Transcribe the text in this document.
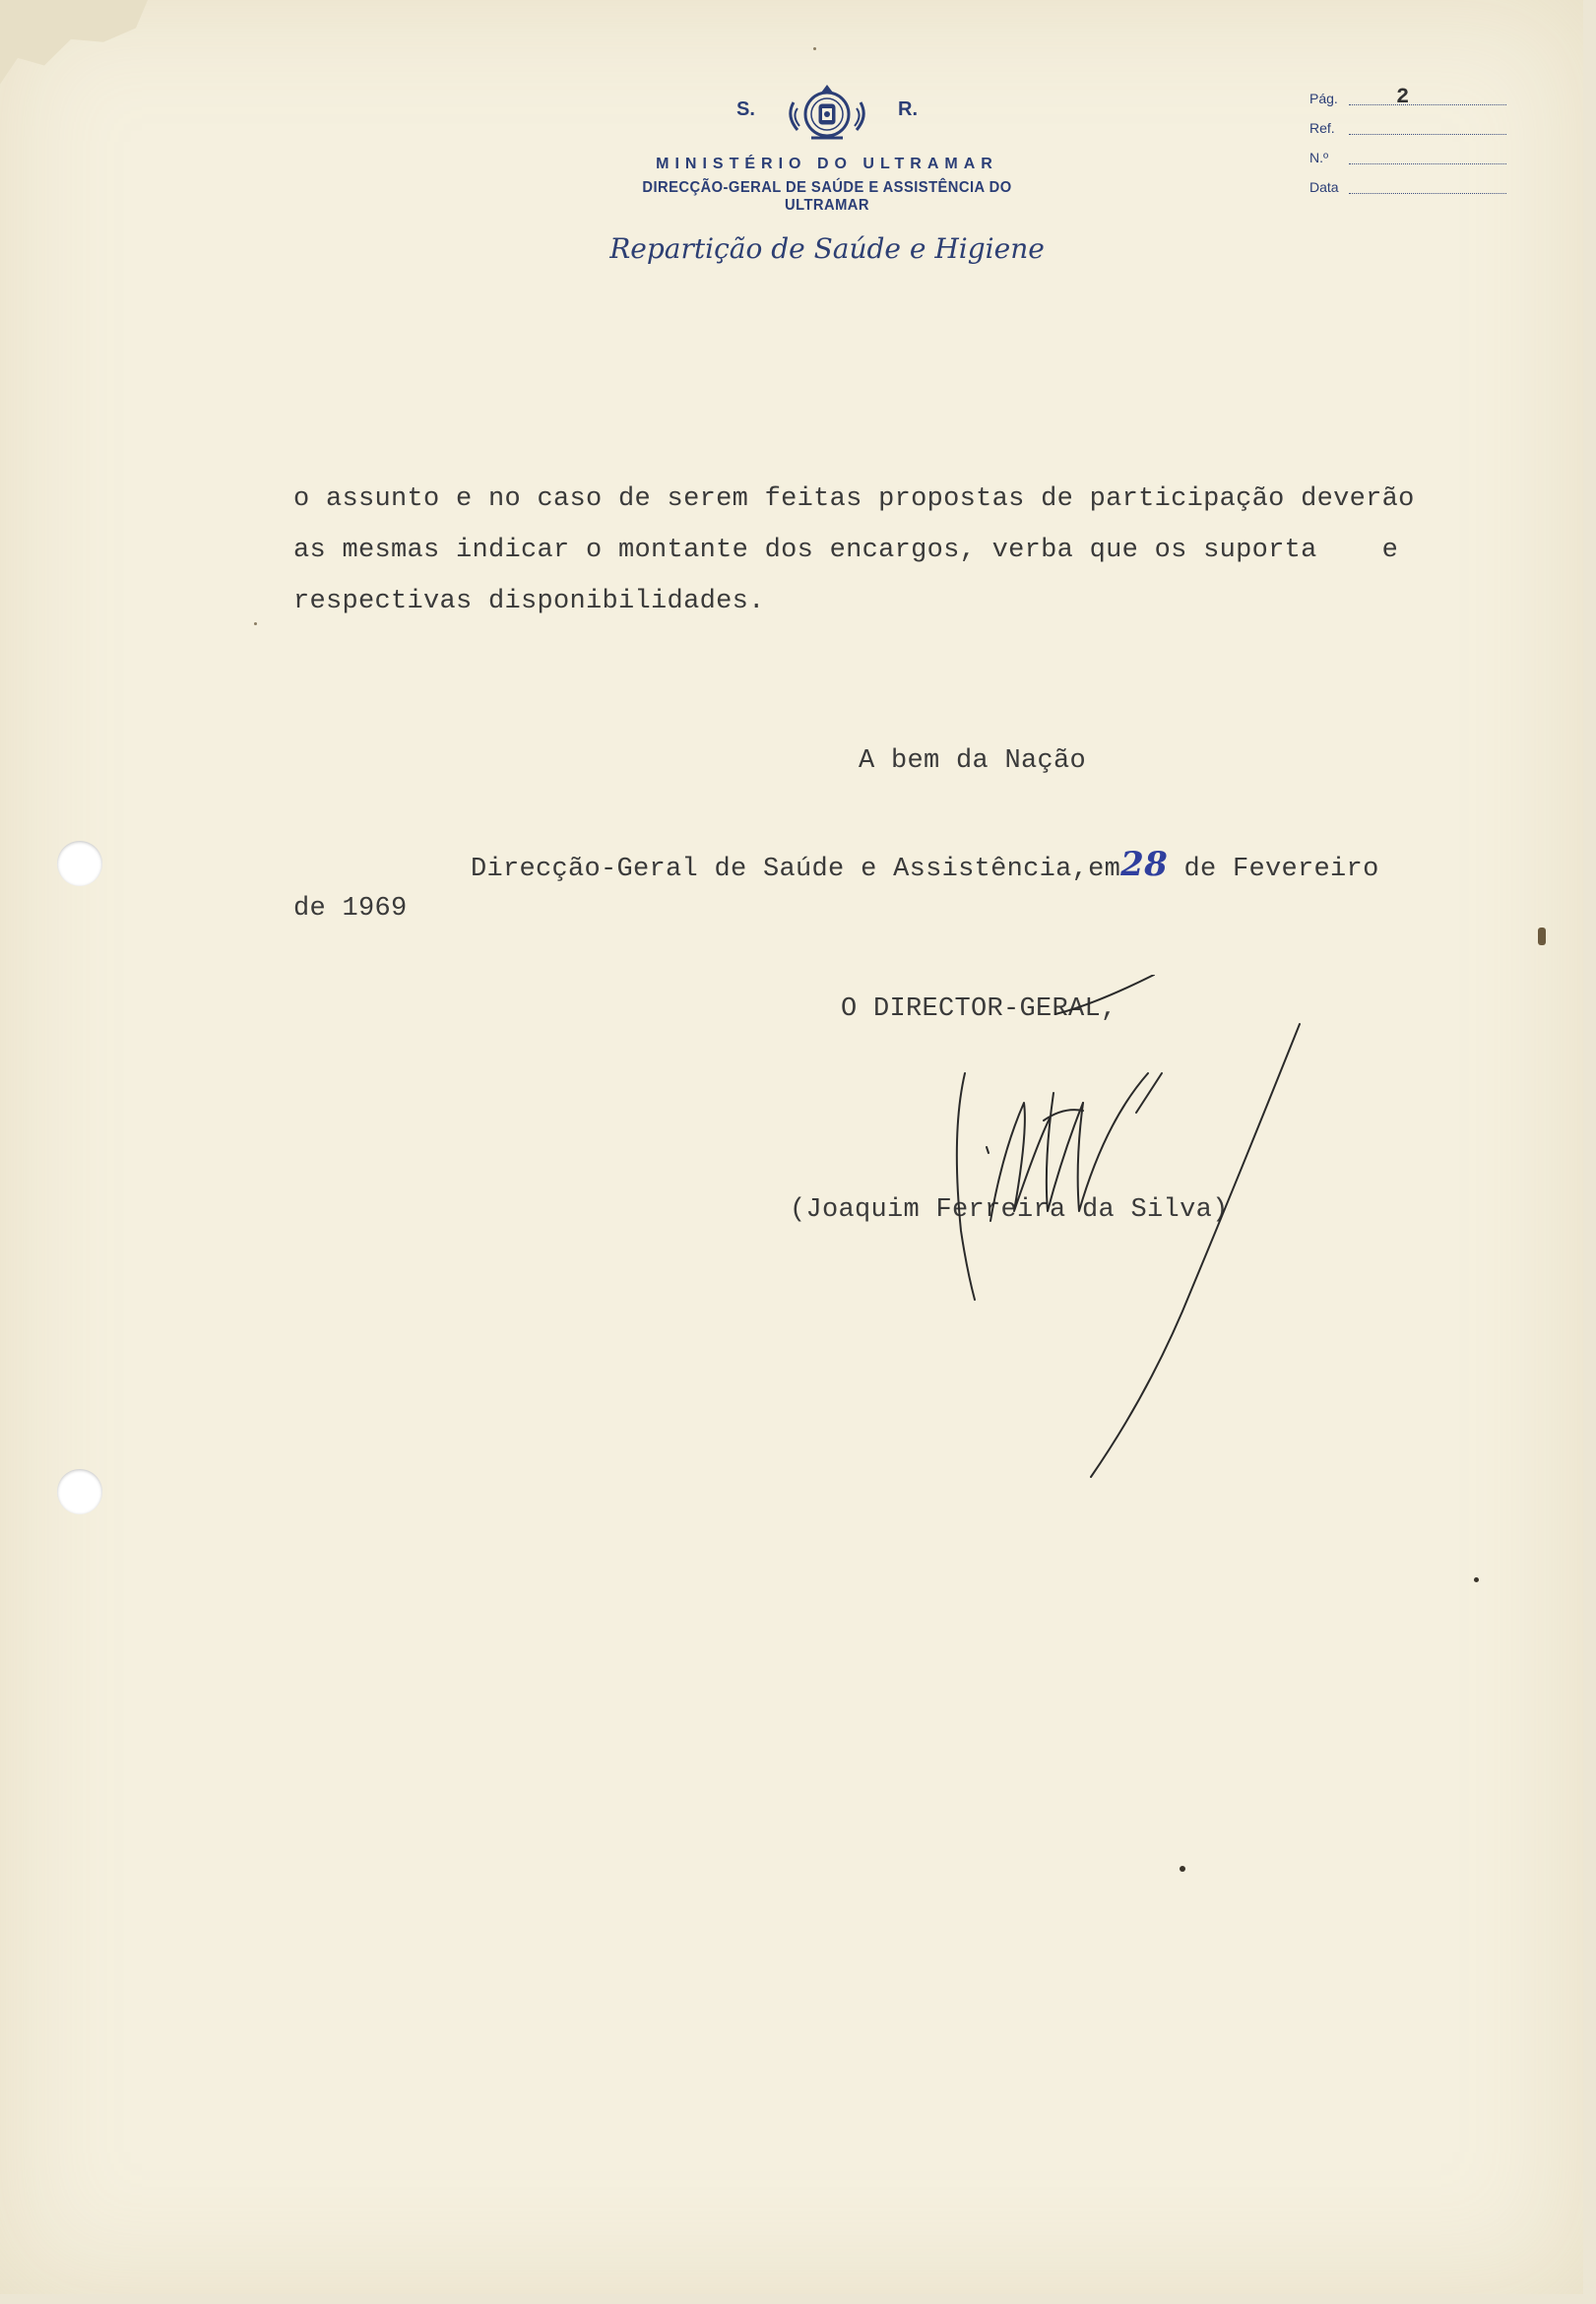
S.	R.
MINISTÉRIO DO ULTRAMAR
DIRECÇÃO-GERAL DE SAÚDE E ASSISTÊNCIA DO ULTRAMAR
Repartição de Saúde e Higiene
Pág.	2
Ref.
N.º
Data
o assunto e no caso de serem feitas propostas de participação deverão
as mesmas indicar o montante dos encargos, verba que os suporta    e
respectivas disponibilidades.
A bem da Nação
Direcção-Geral de Saúde e Assistência,em28 de Fevereiro
de 1969
O DIRECTOR-GERAL,
(Joaquim Ferreira da Silva)
